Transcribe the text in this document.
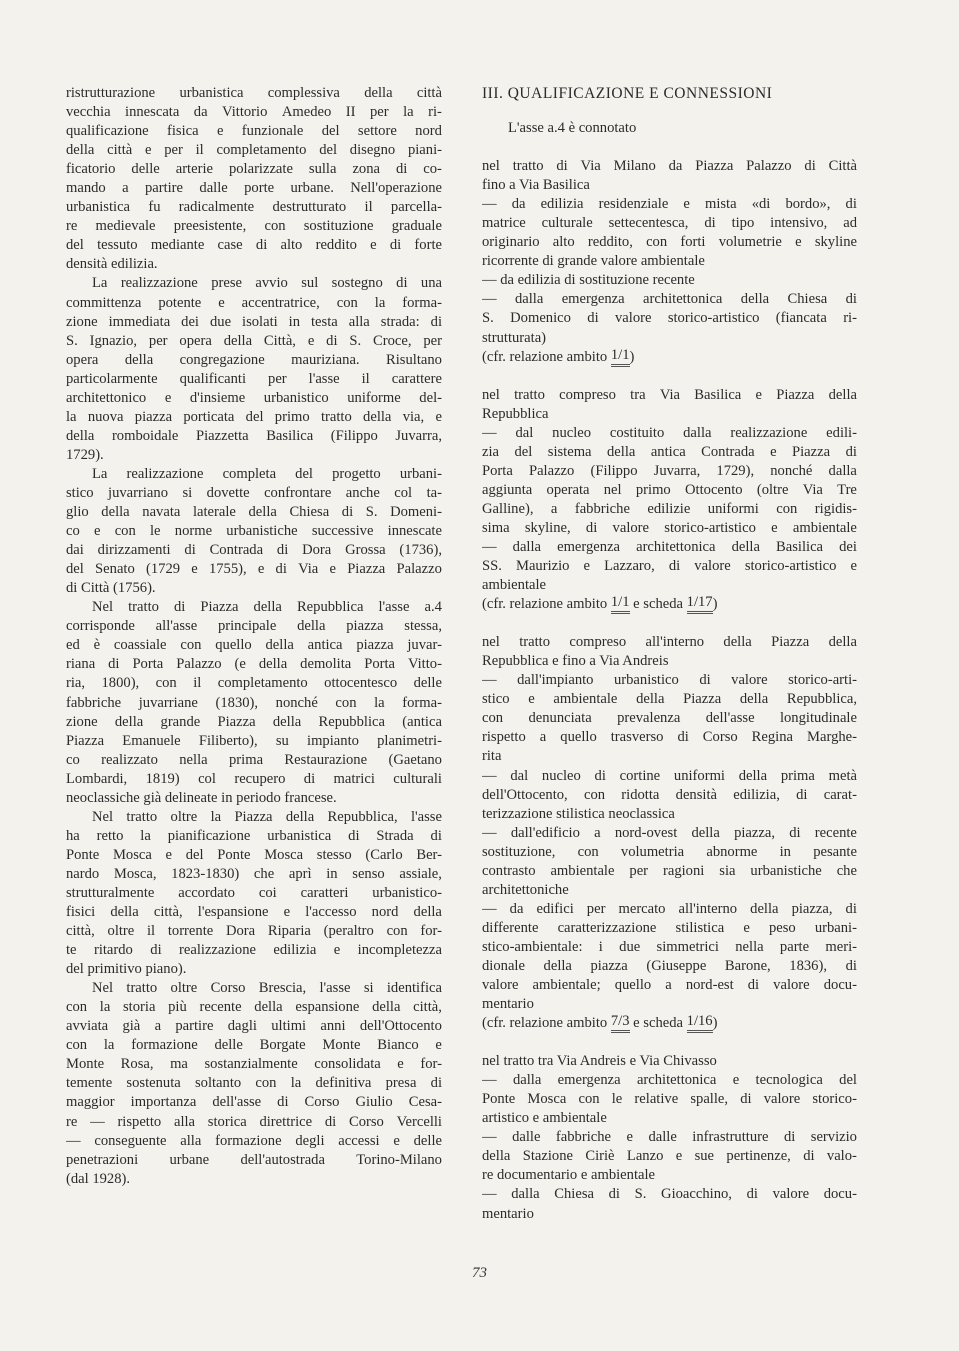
ristrutturazione urbanistica complessiva della città
vecchia innescata da Vittorio Amedeo II per la ri-
qualificazione fisica e funzionale del settore nord
della città e per il completamento del disegno piani-
ficatorio delle arterie polarizzate sulla zona di co-
mando a partire dalle porte urbane. Nell'operazione
urbanistica fu radicalmente destrutturato il parcella-
re medievale preesistente, con sostituzione graduale
del tessuto mediante case di alto reddito e di forte
densità edilizia.
La realizzazione prese avvio sul sostegno di una
committenza potente e accentratrice, con la forma-
zione immediata dei due isolati in testa alla strada: di
S. Ignazio, per opera della Città, e di S. Croce, per
opera della congregazione mauriziana. Risultano
particolarmente qualificanti per l'asse il carattere
architettonico e d'insieme urbanistico uniforme del-
la nuova piazza porticata del primo tratto della via, e
della romboidale Piazzetta Basilica (Filippo Juvarra,
1729).
La realizzazione completa del progetto urbani-
stico juvarriano si dovette confrontare anche col ta-
glio della navata laterale della Chiesa di S. Domeni-
co e con le norme urbanistiche successive innescate
dai dirizzamenti di Contrada di Dora Grossa (1736),
del Senato (1729 e 1755), e di Via e Piazza Palazzo
di Città (1756).
Nel tratto di Piazza della Repubblica l'asse a.4
corrisponde all'asse principale della piazza stessa,
ed è coassiale con quello della antica piazza juvar-
riana di Porta Palazzo (e della demolita Porta Vitto-
ria, 1800), con il completamento ottocentesco delle
fabbriche juvarriane (1830), nonché con la forma-
zione della grande Piazza della Repubblica (antica
Piazza Emanuele Filiberto), su impianto planimetri-
co realizzato nella prima Restaurazione (Gaetano
Lombardi, 1819) col recupero di matrici culturali
neoclassiche già delineate in periodo francese.
Nel tratto oltre la Piazza della Repubblica, l'asse
ha retto la pianificazione urbanistica di Strada di
Ponte Mosca e del Ponte Mosca stesso (Carlo Ber-
nardo Mosca, 1823-1830) che aprì in senso assiale,
strutturalmente accordato coi caratteri urbanistico-
fisici della città, l'espansione e l'accesso nord della
città, oltre il torrente Dora Riparia (peraltro con for-
te ritardo di realizzazione edilizia e incompletezza
del primitivo piano).
Nel tratto oltre Corso Brescia, l'asse si identifica
con la storia più recente della espansione della città,
avviata già a partire dagli ultimi anni dell'Ottocento
con la formazione delle Borgate Monte Bianco e
Monte Rosa, ma sostanzialmente consolidata e for-
temente sostenuta soltanto con la definitiva presa di
maggior importanza dell'asse di Corso Giulio Cesa-
re — rispetto alla storica direttrice di Corso Vercelli
— conseguente alla formazione degli accessi e delle
penetrazioni urbane dell'autostrada Torino-Milano
(dal 1928).
III. QUALIFICAZIONE E CONNESSIONI
L'asse a.4 è connotato
nel tratto di Via Milano da Piazza Palazzo di Città
fino a Via Basilica
— da edilizia residenziale e mista «di bordo», di
matrice culturale settecentesca, di tipo intensivo, ad
originario alto reddito, con forti volumetrie e skyline
ricorrente di grande valore ambientale
— da edilizia di sostituzione recente
— dalla emergenza architettonica della Chiesa di
S. Domenico di valore storico-artistico (fiancata ri-
strutturata)
(cfr. relazione ambito 1/1 )
nel tratto compreso tra Via Basilica e Piazza della
Repubblica
— dal nucleo costituito dalla realizzazione edili-
zia del sistema della antica Contrada e Piazza di
Porta Palazzo (Filippo Juvarra, 1729), nonché dalla
aggiunta operata nel primo Ottocento (oltre Via Tre
Galline), a fabbriche edilizie uniformi con rigidis-
sima skyline, di valore storico-artistico e ambientale
— dalla emergenza architettonica della Basilica dei
SS. Maurizio e Lazzaro, di valore storico-artistico e
ambientale
(cfr. relazione ambito 1/1 e scheda 1/17 )
nel tratto compreso all'interno della Piazza della
Repubblica e fino a Via Andreis
— dall'impianto urbanistico di valore storico-arti-
stico e ambientale della Piazza della Repubblica,
con denunciata prevalenza dell'asse longitudinale
rispetto a quello trasverso di Corso Regina Marghe-
rita
— dal nucleo di cortine uniformi della prima metà
dell'Ottocento, con ridotta densità edilizia, di carat-
terizzazione stilistica neoclassica
— dall'edificio a nord-ovest della piazza, di recente
sostituzione, con volumetria abnorme in pesante
contrasto ambientale per ragioni sia urbanistiche che
architettoniche
— da edifici per mercato all'interno della piazza, di
differente caratterizzazione stilistica e peso urbani-
stico-ambientale: i due simmetrici nella parte meri-
dionale della piazza (Giuseppe Barone, 1836), di
valore ambientale; quello a nord-est di valore docu-
mentario
(cfr. relazione ambito 7/3 e scheda 1/16 )
nel tratto tra Via Andreis e Via Chivasso
— dalla emergenza architettonica e tecnologica del
Ponte Mosca con le relative spalle, di valore storico-
artistico e ambientale
— dalle fabbriche e dalle infrastrutture di servizio
della Stazione Ciriè Lanzo e sue pertinenze, di valo-
re documentario e ambientale
— dalla Chiesa di S. Gioacchino, di valore docu-
mentario
73
